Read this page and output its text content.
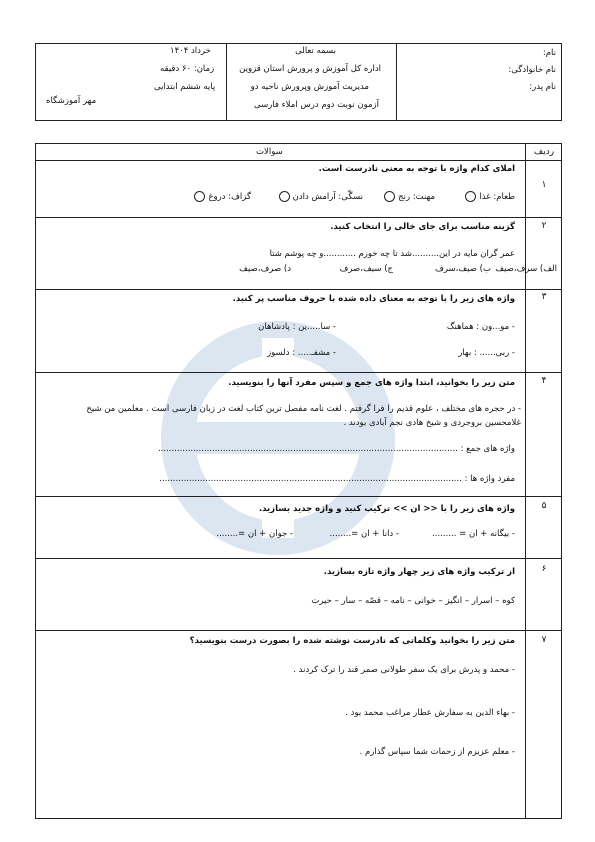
نام:
نام خانوادگی:
نام پدر:
بسمه تعالی
اداره کل آموزش و پرورش استان قزوین
مدیریت آموزش وپرورش ناحیه دو
آزمون نوبت دوم درس املاء فارسی
خرداد ۱۴۰۴
زمان: ۶۰ دقیقه
پایه ششم ابتدایی
مهر آموزشگاه
ردیف
سوالات
۱
املای کدام واژه با توجه به معنی نادرست است.
طعام: غذا
مهنت: رنج
نسگّی: آرامش دادن
گزاف: دروغ
۲
گزینه مناسب برای جای خالی را انتخاب کنید.
عمر گران مایه در این..........شد تا چه خورم ............و چه پوشم شتا
الف) سرف،صیف
ب) صیف،سرف
ج) سیف،صرف
د) صرف،صیف
۳
واژه های زیر را با توجه به معنای داده شده با حروف مناسب پر کنید.
- مو...ون : هماهنگ
- سا.....ین : پادشاهان
- ربی...... : بهار
- مش‍فـ..... : دلسوز
۴
متن زیر را بخوانید، ابتدا واژه های جمع و سپس مفرد آنها را بنویسید.
- در حجره های مختلف ، علوم قدیم را فرا گرفتم . لغت نامه مفصل ترین کتاب لغت در زبان فارسی است . معلمین من شیخ
غلامحسین بروجردی و شیخ هادی نجم آبادی بودند .
واژه های جمع : ...............................................................................................................
مفرد واژه ها : ................................................................................................................
۵
واژه های زیر را با << ان >> ترکیب کنید و واژه جدید بسازید.
- بیگانه + ان = .........
- دانا + ان =........
- جوان + ان =........
۶
از ترکیب واژه های زیر چهار واژه تازه بسازید.
کوه – اسرار – انگیز – خوانی – نامه – قصّه – سار – حیرت
۷
متن زیر را بخوانید وکلماتی که نادرست نوشته شده را بصورت درست بنویسید؟
- محمد و پدرش برای یک سفر طولانی صمر قند را ترک کردند .
- بهاء الدین به سفارش عطار مراغب محمد بود .
- معلم عزیزم از زحمات شما سپاس گذارم .
